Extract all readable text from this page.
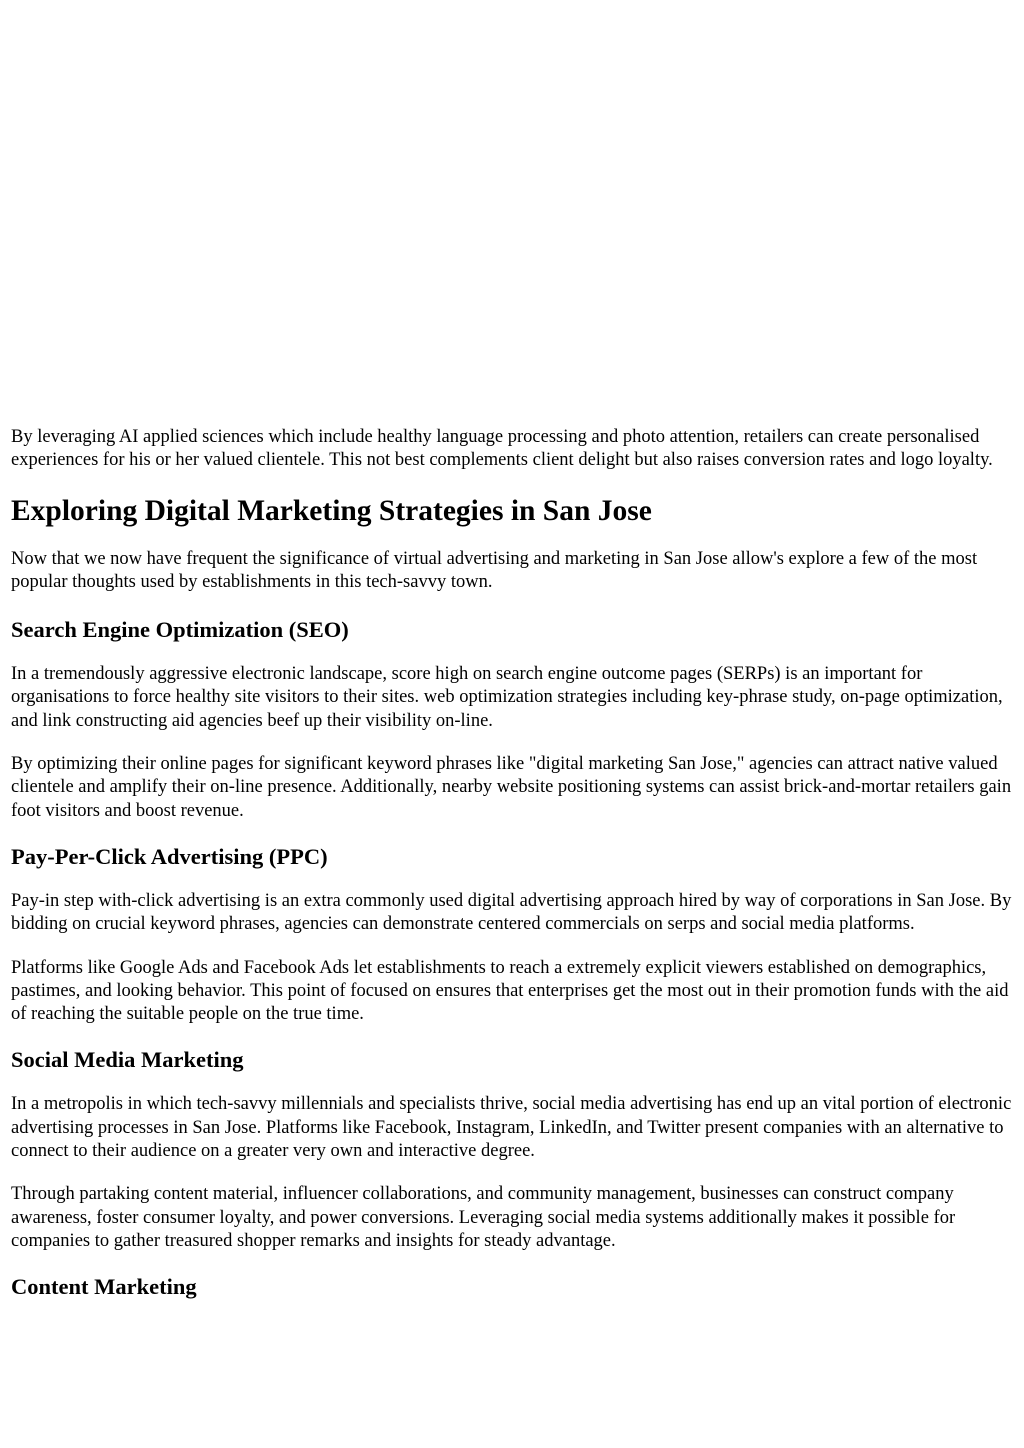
By leveraging AI applied sciences which include healthy language processing and photo attention, retailers can create personalised experiences for his or her valued clientele. This not best complements client delight but also raises conversion rates and logo loyalty.

Exploring Digital Marketing Strategies in San Jose

Now that we now have frequent the significance of virtual advertising and marketing in San Jose allow's explore a few of the most popular thoughts used by establishments in this tech-savvy town.

Search Engine Optimization (SEO)

In a tremendously aggressive electronic landscape, score high on search engine outcome pages (SERPs) is an important for organisations to force healthy site visitors to their sites. web optimization strategies including key-phrase study, on-page optimization, and link constructing aid agencies beef up their visibility on-line.

By optimizing their online pages for significant keyword phrases like "digital marketing San Jose," agencies can attract native valued clientele and amplify their on-line presence. Additionally, nearby website positioning systems can assist brick-and-mortar retailers gain foot visitors and boost revenue.

Pay-Per-Click Advertising (PPC)

Pay-in step with-click advertising is an extra commonly used digital advertising approach hired by way of corporations in San Jose. By bidding on crucial keyword phrases, agencies can demonstrate centered commercials on serps and social media platforms.

Platforms like Google Ads and Facebook Ads let establishments to reach a extremely explicit viewers established on demographics, pastimes, and looking behavior. This point of focused on ensures that enterprises get the most out in their promotion funds with the aid of reaching the suitable people on the true time.

Social Media Marketing

In a metropolis in which tech-savvy millennials and specialists thrive, social media advertising has end up an vital portion of electronic advertising processes in San Jose. Platforms like Facebook, Instagram, LinkedIn, and Twitter present companies with an alternative to connect to their audience on a greater very own and interactive degree.

Through partaking content material, influencer collaborations, and community management, businesses can construct company awareness, foster consumer loyalty, and power conversions. Leveraging social media systems additionally makes it possible for companies to gather treasured shopper remarks and insights for steady advantage.

Content Marketing
